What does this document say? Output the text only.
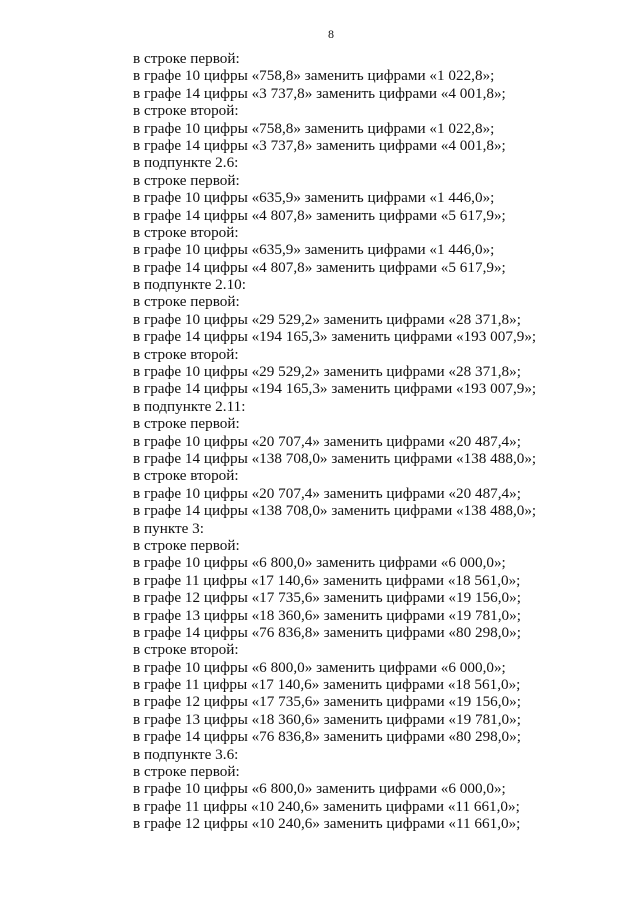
8
в строке первой:
в графе 10 цифры «758,8» заменить цифрами «1 022,8»;
в графе 14 цифры «3 737,8» заменить цифрами «4 001,8»;
в строке второй:
в графе 10 цифры «758,8» заменить цифрами «1 022,8»;
в графе 14 цифры «3 737,8» заменить цифрами «4 001,8»;
в подпункте 2.6:
в строке первой:
в графе 10 цифры «635,9» заменить цифрами «1 446,0»;
в графе 14 цифры «4 807,8» заменить цифрами «5 617,9»;
в строке второй:
в графе 10 цифры «635,9» заменить цифрами «1 446,0»;
в графе 14 цифры «4 807,8» заменить цифрами «5 617,9»;
в подпункте 2.10:
в строке первой:
в графе 10 цифры «29 529,2» заменить цифрами «28 371,8»;
в графе 14 цифры «194 165,3» заменить цифрами «193 007,9»;
в строке второй:
в графе 10 цифры «29 529,2» заменить цифрами «28 371,8»;
в графе 14 цифры «194 165,3» заменить цифрами «193 007,9»;
в подпункте 2.11:
в строке первой:
в графе 10 цифры «20 707,4» заменить цифрами «20 487,4»;
в графе 14 цифры «138 708,0» заменить цифрами «138 488,0»;
в строке второй:
в графе 10 цифры «20 707,4» заменить цифрами «20 487,4»;
в графе 14 цифры «138 708,0» заменить цифрами «138 488,0»;
в пункте 3:
в строке первой:
в графе 10 цифры «6 800,0» заменить цифрами «6 000,0»;
в графе 11 цифры «17 140,6» заменить цифрами «18 561,0»;
в графе 12 цифры «17 735,6» заменить цифрами «19 156,0»;
в графе 13 цифры «18 360,6» заменить цифрами «19 781,0»;
в графе 14 цифры «76 836,8» заменить цифрами «80 298,0»;
в строке второй:
в графе 10 цифры «6 800,0» заменить цифрами «6 000,0»;
в графе 11 цифры «17 140,6» заменить цифрами «18 561,0»;
в графе 12 цифры «17 735,6» заменить цифрами «19 156,0»;
в графе 13 цифры «18 360,6» заменить цифрами «19 781,0»;
в графе 14 цифры «76 836,8» заменить цифрами «80 298,0»;
в подпункте 3.6:
в строке первой:
в графе 10 цифры «6 800,0» заменить цифрами «6 000,0»;
в графе 11 цифры «10 240,6» заменить цифрами «11 661,0»;
в графе 12 цифры «10 240,6» заменить цифрами «11 661,0»;
